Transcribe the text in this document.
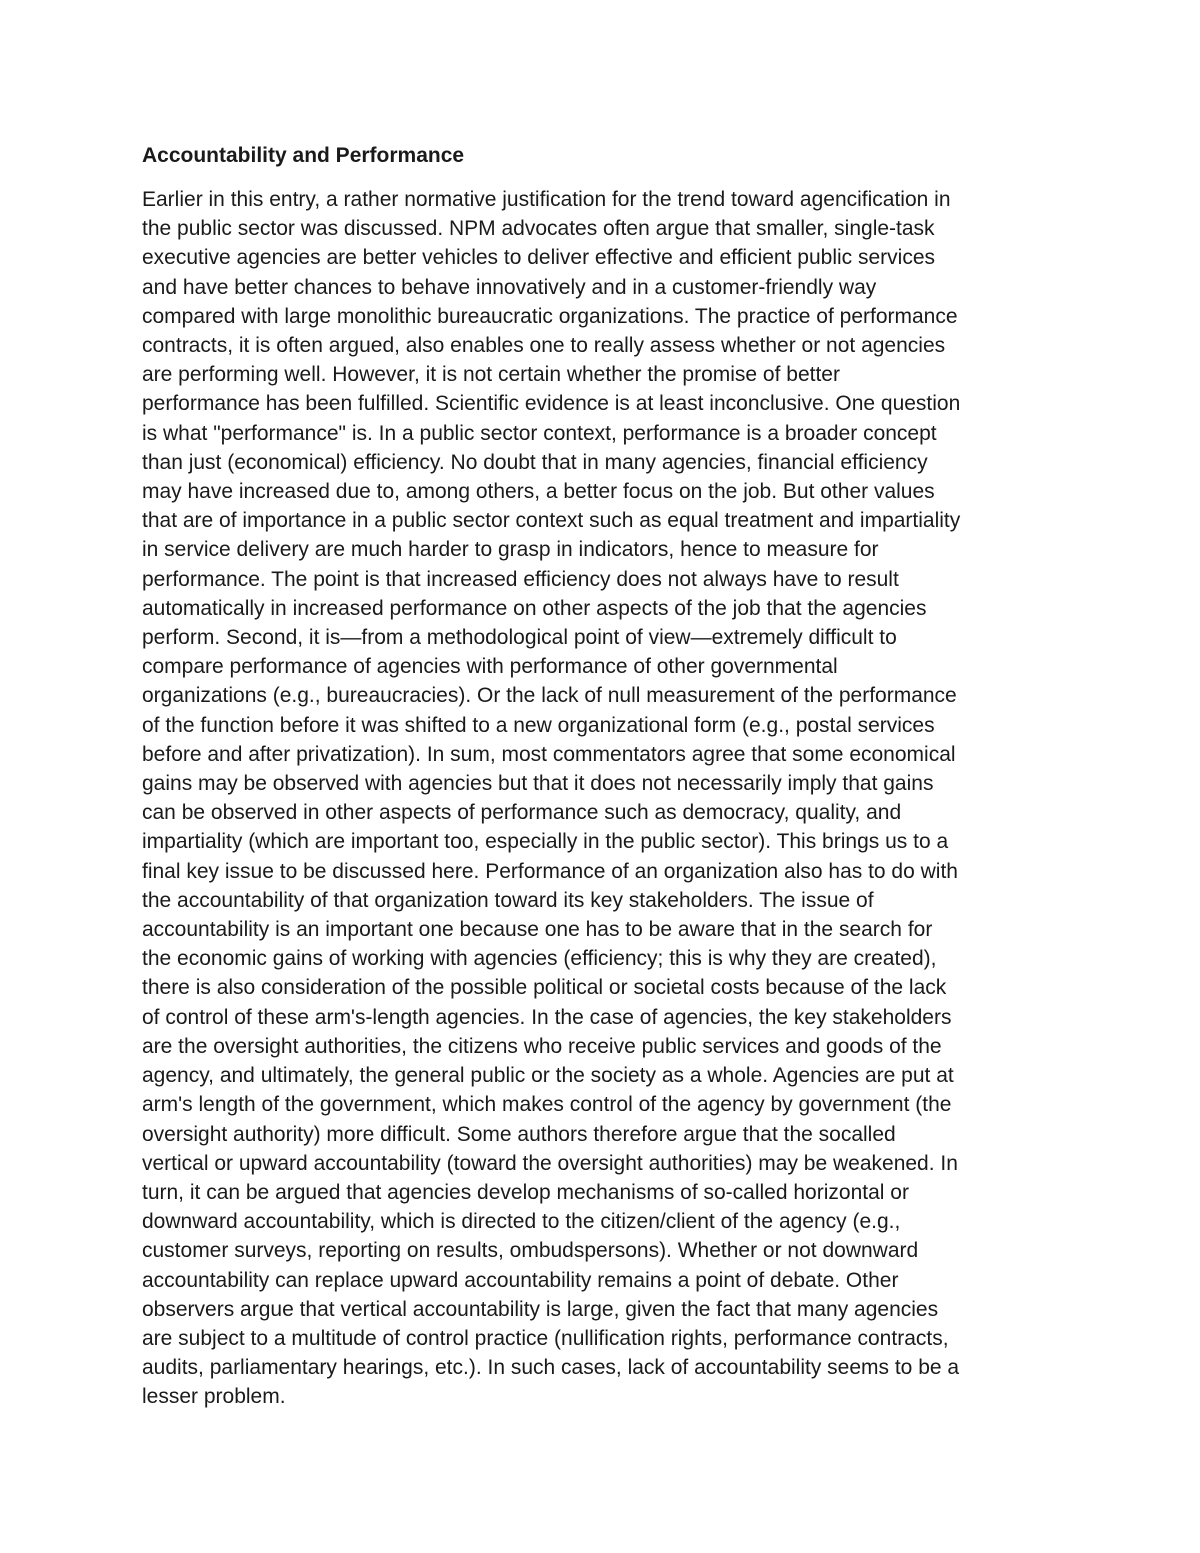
Accountability and Performance
Earlier in this entry, a rather normative justification for the trend toward agencification in
the public sector was discussed. NPM advocates often argue that smaller, single-task
executive agencies are better vehicles to deliver effective and efficient public services
and have better chances to behave innovatively and in a customer-friendly way
compared with large monolithic bureaucratic organizations. The practice of performance
contracts, it is often argued, also enables one to really assess whether or not agencies
are performing well. However, it is not certain whether the promise of better
performance has been fulfilled. Scientific evidence is at least inconclusive. One question
is what "performance" is. In a public sector context, performance is a broader concept
than just (economical) efficiency. No doubt that in many agencies, financial efficiency
may have increased due to, among others, a better focus on the job. But other values
that are of importance in a public sector context such as equal treatment and impartiality
in service delivery are much harder to grasp in indicators, hence to measure for
performance. The point is that increased efficiency does not always have to result
automatically in increased performance on other aspects of the job that the agencies
perform. Second, it is—from a methodological point of view—extremely difficult to
compare performance of agencies with performance of other governmental
organizations (e.g., bureaucracies). Or the lack of null measurement of the performance
of the function before it was shifted to a new organizational form (e.g., postal services
before and after privatization). In sum, most commentators agree that some economical
gains may be observed with agencies but that it does not necessarily imply that gains
can be observed in other aspects of performance such as democracy, quality, and
impartiality (which are important too, especially in the public sector). This brings us to a
final key issue to be discussed here. Performance of an organization also has to do with
the accountability of that organization toward its key stakeholders. The issue of
accountability is an important one because one has to be aware that in the search for
the economic gains of working with agencies (efficiency; this is why they are created),
there is also consideration of the possible political or societal costs because of the lack
of control of these arm's-length agencies. In the case of agencies, the key stakeholders
are the oversight authorities, the citizens who receive public services and goods of the
agency, and ultimately, the general public or the society as a whole. Agencies are put at
arm's length of the government, which makes control of the agency by government (the
oversight authority) more difficult. Some authors therefore argue that the socalled
vertical or upward accountability (toward the oversight authorities) may be weakened. In
turn, it can be argued that agencies develop mechanisms of so-called horizontal or
downward accountability, which is directed to the citizen/client of the agency (e.g.,
customer surveys, reporting on results, ombudspersons). Whether or not downward
accountability can replace upward accountability remains a point of debate. Other
observers argue that vertical accountability is large, given the fact that many agencies
are subject to a multitude of control practice (nullification rights, performance contracts,
audits, parliamentary hearings, etc.). In such cases, lack of accountability seems to be a
lesser problem.
